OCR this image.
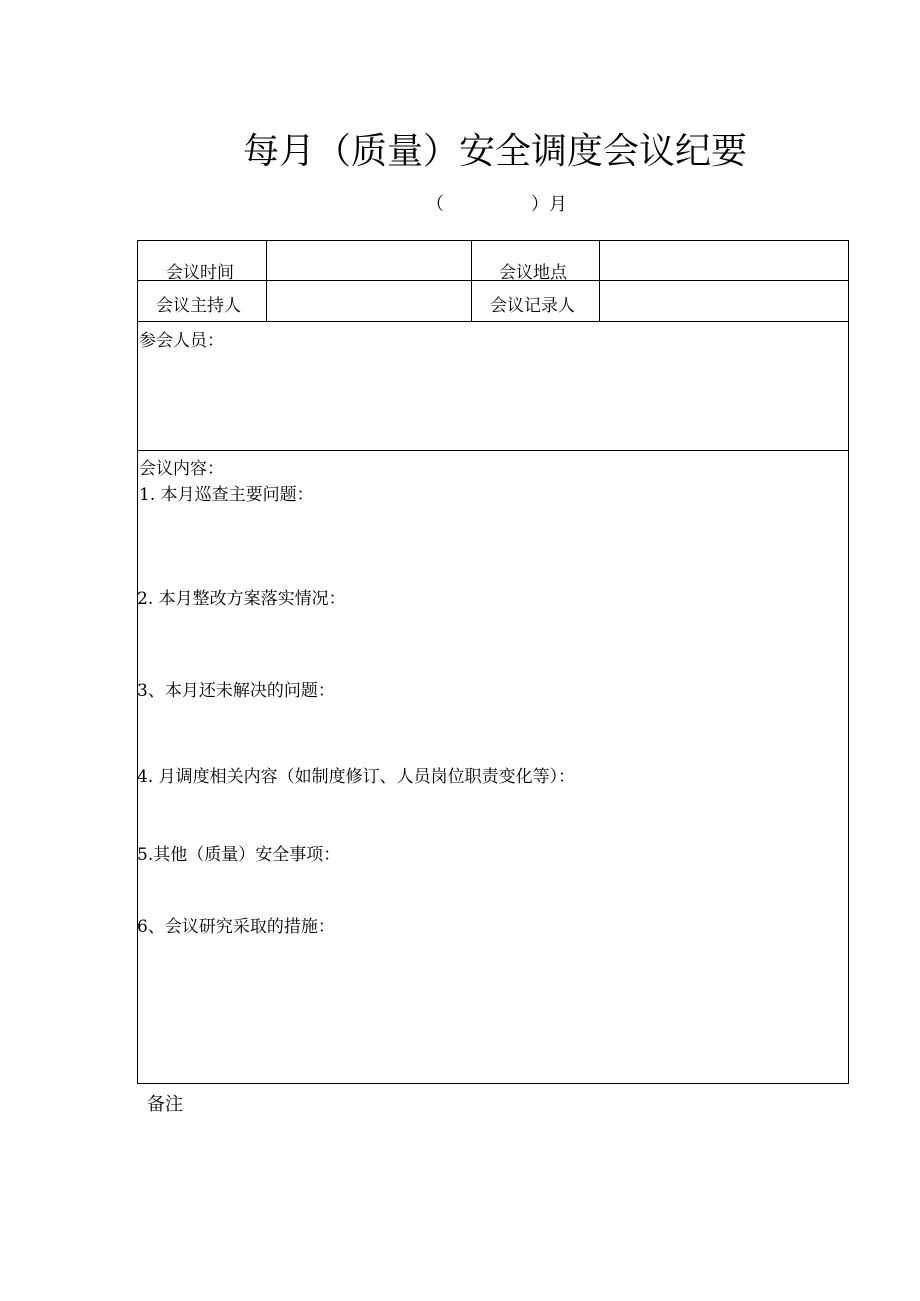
每月（质量）安全调度会议纪要
（	）月
会议时间	会议地点
会议主持人	会议记录人
参会人员：
会议内容：
1. 本月巡查主要问题：
2. 本月整改方案落实情况：
3、本月还未解决的问题：
4. 月调度相关内容（如制度修订、人员岗位职责变化等）：
5.其他（质量）安全事项：
6、会议研究采取的措施：
备注
